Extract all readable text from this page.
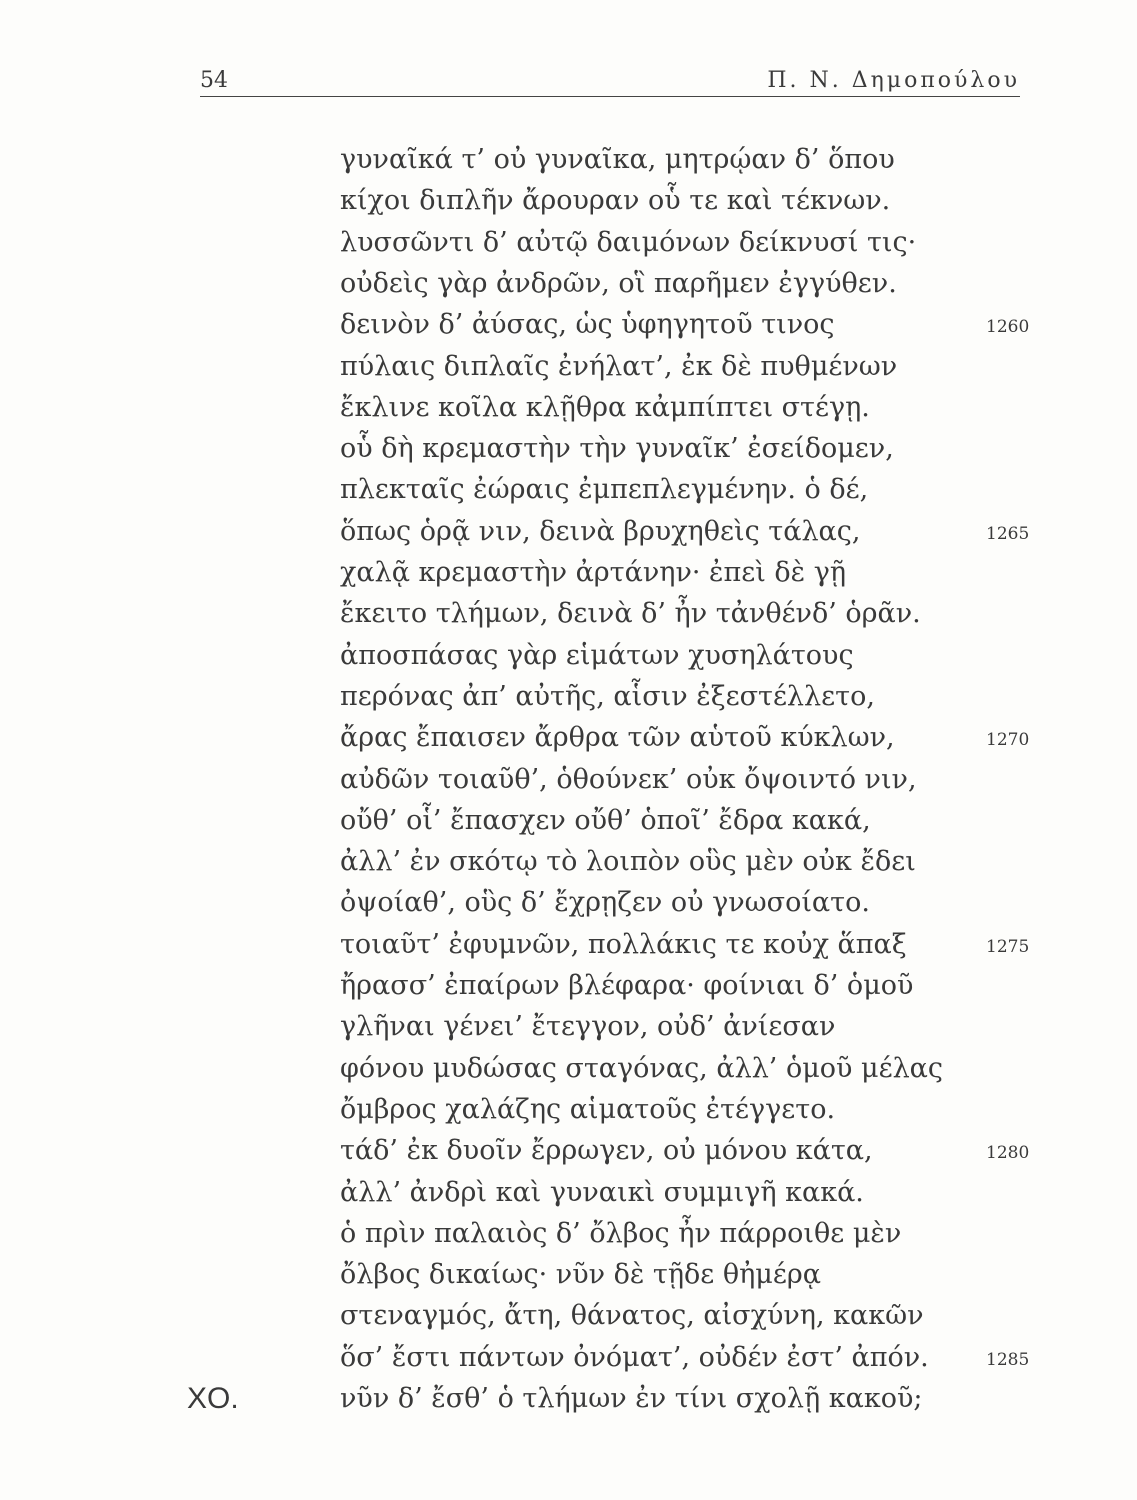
54	Π. Ν. Δημοπούλου
γυναῖκά τ’ οὐ γυναῖκα, μητρῴαν δ’ ὅπου
κίχοι διπλῆν ἄρουραν οὗ τε καὶ τέκνων.
λυσσῶντι δ’ αὐτῷ δαιμόνων δείκνυσί τις·
οὐδεὶς γὰρ ἀνδρῶν, οἳ παρῆμεν ἐγγύθεν.
δεινὸν δ’ ἀύσας, ὡς ὑφηγητοῦ τινος	1260
πύλαις διπλαῖς ἐνήλατ’, ἐκ δὲ πυθμένων
ἔκλινε κοῖλα κλῇθρα κἀμπίπτει στέγῃ.
οὗ δὴ κρεμαστὴν τὴν γυναῖκ’ ἐσείδομεν,
πλεκταῖς ἐώραις ἐμπεπλεγμένην. ὁ δέ,
ὅπως ὁρᾷ νιν, δεινὰ βρυχηθεὶς τάλας,	1265
χαλᾷ κρεμαστὴν ἀρτάνην· ἐπεὶ δὲ γῇ
ἔκειτο τλήμων, δεινὰ δ’ ἦν τἀνθένδ’ ὁρᾶν.
ἀποσπάσας γὰρ εἱμάτων χυσηλάτους
περόνας ἀπ’ αὐτῆς, αἷσιν ἐξεστέλλετο,
ἄρας ἔπαισεν ἄρθρα τῶν αὑτοῦ κύκλων,	1270
αὐδῶν τοιαῦθ’, ὁθούνεκ’ οὐκ ὄψοιντό νιν,
οὔθ’ οἷ’ ἔπασχεν οὔθ’ ὁποῖ’ ἔδρα κακά,
ἀλλ’ ἐν σκότῳ τὸ λοιπὸν οὓς μὲν οὐκ ἔδει
ὀψοίαθ’, οὓς δ’ ἔχρῃζεν οὐ γνωσοίατο.
τοιαῦτ’ ἐφυμνῶν, πολλάκις τε κοὐχ ἅπαξ	1275
ἤρασσ’ ἐπαίρων βλέφαρα· φοίνιαι δ’ ὁμοῦ
γλῆναι γένει’ ἔτεγγον, οὐδ’ ἀνίεσαν
φόνου μυδώσας σταγόνας, ἀλλ’ ὁμοῦ μέλας
ὄμβρος χαλάζης αἱματοῦς ἐτέγγετο.
τάδ’ ἐκ δυοῖν ἔρρωγεν, οὐ μόνου κάτα,	1280
ἀλλ’ ἀνδρὶ καὶ γυναικὶ συμμιγῆ κακά.
ὁ πρὶν παλαιὸς δ’ ὄλβος ἦν πάρροιθε μὲν
ὄλβος δικαίως· νῦν δὲ τῇδε θἠμέρᾳ
στεναγμός, ἄτη, θάνατος, αἰσχύνη, κακῶν
ὅσ’ ἔστι πάντων ὀνόματ’, οὐδέν ἐστ’ ἀπόν.	1285
νῦν δ’ ἔσθ’ ὁ τλήμων ἐν τίνι σχολῇ κακοῦ;
ΧΟ.
